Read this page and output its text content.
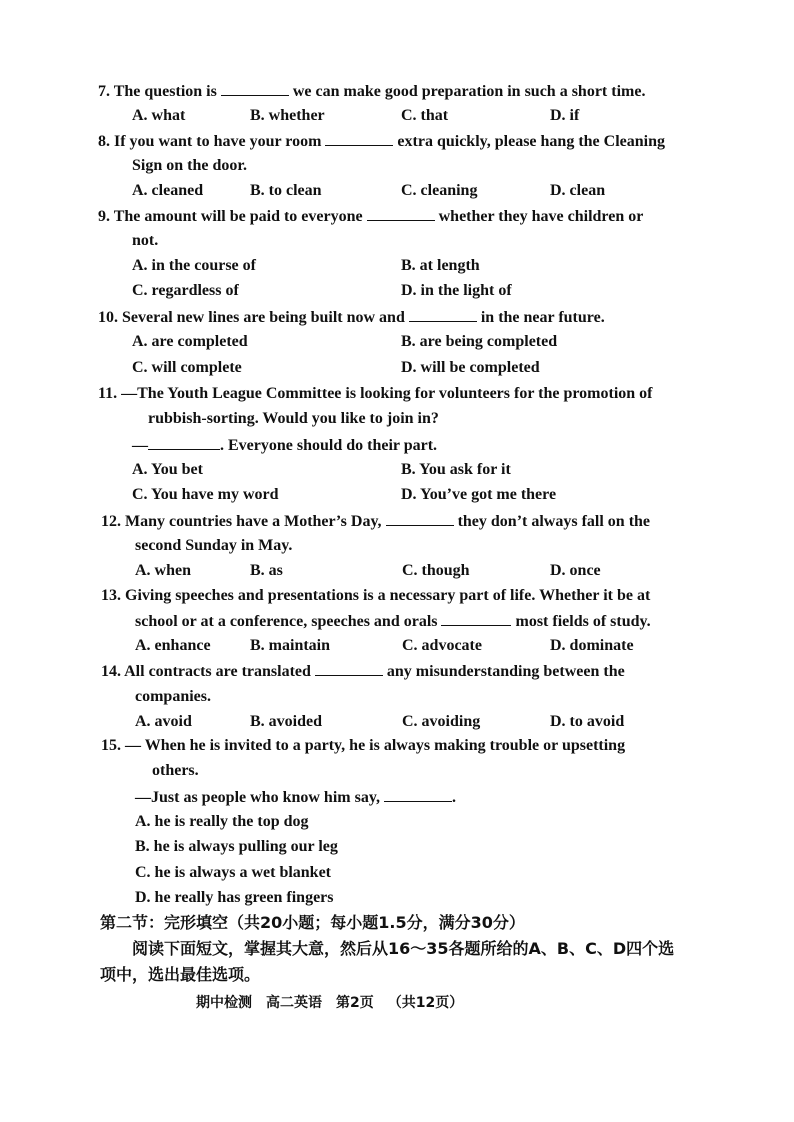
7. The question is	we can make good preparation in such a short time.
A. what	B. whether	C. that	D. if
8. If you want to have your room	extra quickly, please hang the Cleaning
Sign on the door.
A. cleaned	B. to clean	C. cleaning	D. clean
9. The amount will be paid to everyone	whether they have children or
not.
A. in the course of	B. at length
C. regardless of	D. in the light of
10. Several new lines are being built now and	in the near future.
A. are completed	B. are being completed
C. will complete	D. will be completed
11. —The Youth League Committee is looking for volunteers for the promotion of
rubbish-sorting. Would you like to join in?
—	. Everyone should do their part.
A. You bet	B. You ask for it
C. You have my word	D. You’ve got me there
12. Many countries have a Mother’s Day,	they don’t always fall on the
second Sunday in May.
A. when	B. as	C. though	D. once
13. Giving speeches and presentations is a necessary part of life. Whether it be at
school or at a conference, speeches and orals	most fields of study.
A. enhance B. maintain	C. advocate	D. dominate
14. All contracts are translated	any misunderstanding between the
companies.
A. avoid	B. avoided	C. avoiding	D. to avoid
15. — When he is invited to a party, he is always making trouble or upsetting
others.
—Just as people who know him say,	.
A. he is really the top dog
B. he is always pulling our leg
C. he is always a wet blanket
D. he really has green fingers
第二节：完形填空（共20小题；每小题1.5分，满分30分）
阅读下面短文，掌握其大意，然后从16～35各题所给的A、B、C、D四个选
项中，选出最佳选项。
期中检测 高二英语 第2页 （共12页）
